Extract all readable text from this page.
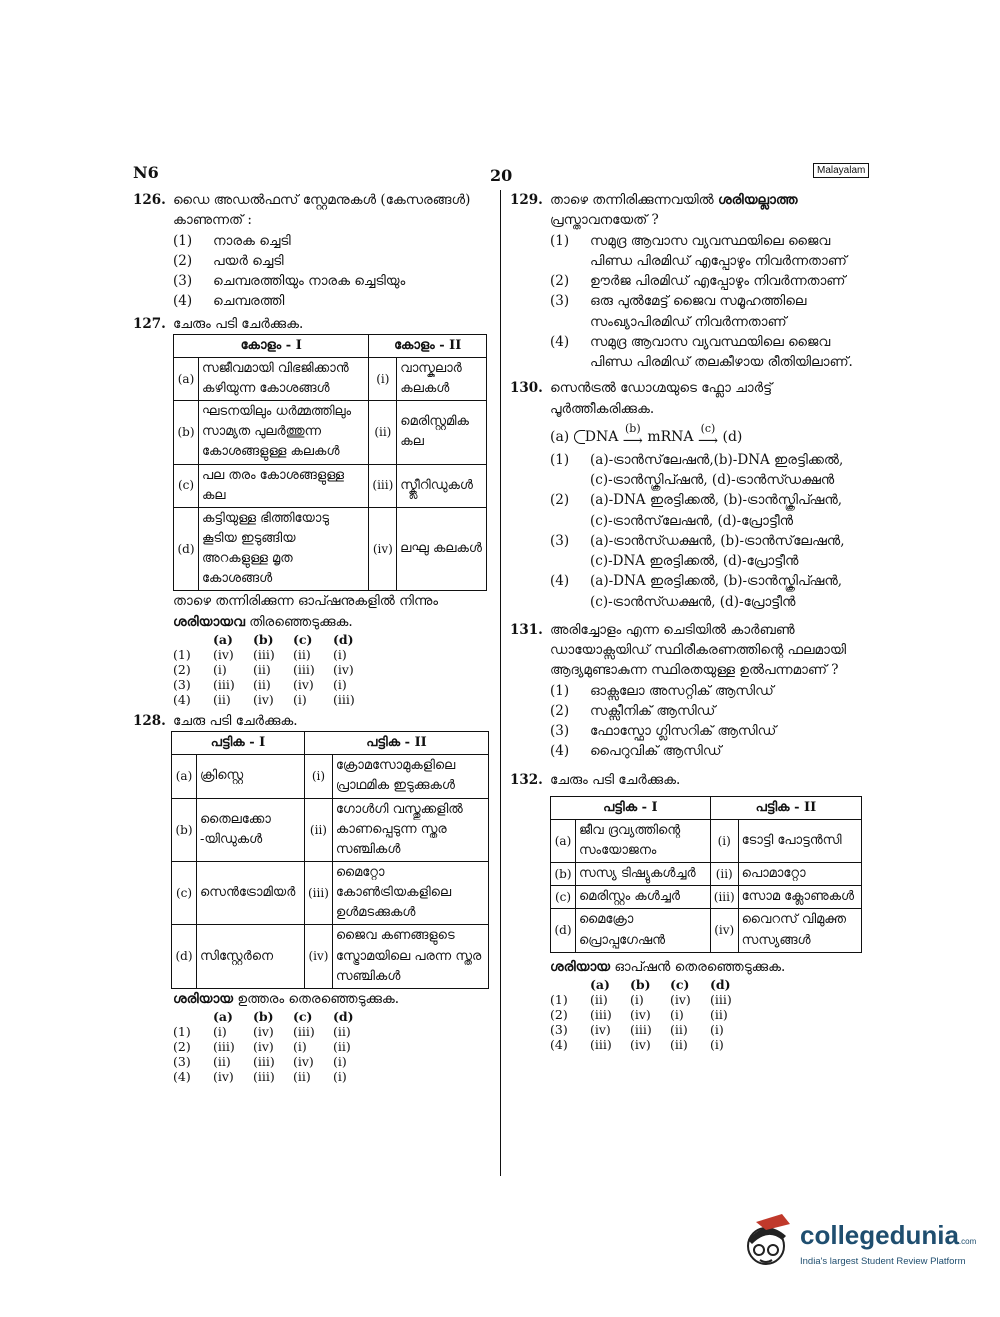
N6	20	Malayalam
126. ഡൈ അഡൽഫസ് സ്റ്റേമനുകൾ (കേസരങ്ങൾ) കാണുന്നത് :
(1)	നാരക ച്ചെടി
(2)	പയർ ച്ചെടി
(3)	ചെമ്പരത്തിയും നാരക ച്ചെടിയും
(4)	ചെമ്പരത്തി
127. ചേരും പടി ചേർക്കുക.
കോളം - I		കോളം - II	
(a)	സജീവമായി വിഭജിക്കാൻ കഴിയുന്ന കോശങ്ങൾ	(i)	വാസ്കുലാർ കലകൾ
(b)	ഘടനയിലും ധർമ്മത്തിലും സാമ്യത പുലർത്തുന്ന കോശങ്ങളുള്ള കലകൾ	(ii)	മെരിസ്റ്റമിക കല
(c)	പല തരം കോശങ്ങളുള്ള കല	(iii)	സ്ക്ലീറിഡുകൾ
(d)	കട്ടിയുള്ള ഭിത്തിയോടു കൂടിയ ഇടുങ്ങിയ അറകളുള്ള മൃത കോശങ്ങൾ	(iv)	ലഘു കലകൾ
താഴെ തന്നിരിക്കുന്ന ഓപ്ഷനുകളിൽ നിന്നും
ശരിയായവ തിരഞ്ഞെടുക്കുക.
	(a)	(b)	(c)	(d)
(1)	(iv)	(iii)	(ii)	(i)
(2)	(i)	(ii)	(iii)	(iv)
(3)	(iii)	(ii)	(iv)	(i)
(4)	(ii)	(iv)	(i)	(iii)
128. ചേരു പടി ചേർക്കുക.
പട്ടിക - I		പട്ടിക - II	
(a)	ക്രിസ്റ്റെ	(i)	ക്രോമസോമുകളിലെ പ്രാഥമിക ഇടുക്കുകൾ
(b)	തൈലക്കോ -യിഡുകൾ	(ii)	ഗോൾഗി വസ്തുക്കളിൽ കാണപ്പെടുന്ന സ്തര സഞ്ചികൾ
(c)	സെൻട്രോമിയർ	(iii)	മൈറ്റോ കോൺട്രിയകളിലെ ഉൾമടക്കുകൾ
(d)	സിസ്റ്റേർനെ	(iv)	ജൈവ കണങ്ങളുടെ സ്ട്രോമയിലെ പരന്ന സ്തര സഞ്ചികൾ
ശരിയായ ഉത്തരം തെരഞ്ഞെടുക്കുക.
	(a)	(b)	(c)	(d)
(1)	(i)	(iv)	(iii)	(ii)
(2)	(iii)	(iv)	(i)	(ii)
(3)	(ii)	(iii)	(iv)	(i)
(4)	(iv)	(iii)	(ii)	(i)
129. താഴെ തന്നിരിക്കുന്നവയിൽ ശരിയല്ലാത്ത പ്രസ്താവനയേത് ?
(1)	സമുദ്ര ആവാസ വ്യവസ്ഥയിലെ ജൈവ പിണ്ഡ പിരമിഡ് എപ്പോഴും നിവർന്നതാണ്
(2)	ഊർജ പിരമിഡ് എപ്പോഴും നിവർന്നതാണ്
(3)	ഒരു പുൽമേട്ട് ജൈവ സമൂഹത്തിലെ സംഖ്യാപിരമിഡ് നിവർന്നതാണ്
(4)	സമുദ്ര ആവാസ വ്യവസ്ഥയിലെ ജൈവ പിണ്ഡ പിരമിഡ് തലകീഴായ രീതിയിലാണ്.
130. സെൻട്രൽ ഡോഗ്മയുടെ ഫ്ലോ ചാർട്ട് പൂർത്തീകരിക്കുക.
(a) DNA
(b)
⟶ mRNA
(c)
⟶ (d)
(1)	(a)-ട്രാൻസ്‌ലേഷൻ,(b)-DNA ഇരട്ടിക്കൽ, (c)-ട്രാൻസ്ക്രിപ്ഷൻ, (d)-ട്രാൻസ്ഡക്ഷൻ
(2)	(a)-DNA ഇരട്ടിക്കൽ, (b)-ട്രാൻസ്ക്രിപ്ഷൻ, (c)-ട്രാൻസ്‌ലേഷൻ, (d)-പ്രോട്ടീൻ
(3)	(a)-ട്രാൻസ്ഡക്ഷൻ, (b)-ട്രാൻസ്‌ലേഷൻ, (c)-DNA ഇരട്ടിക്കൽ, (d)-പ്രോട്ടീൻ
(4)	(a)-DNA ഇരട്ടിക്കൽ, (b)-ട്രാൻസ്ക്രിപ്ഷൻ, (c)-ട്രാൻസ്ഡക്ഷൻ, (d)-പ്രോട്ടീൻ
131. അരിച്ചോളം എന്ന ചെടിയിൽ കാർബൺ ഡായോക്സയിഡ് സ്ഥിരീകരണത്തിന്റെ ഫലമായി ആദ്യമുണ്ടാകുന്ന സ്ഥിരതയുള്ള ഉൽപന്നമാണ് ?
(1)	ഓക്സലോ അസറ്റിക് ആസിഡ്
(2)	സക്സീനിക് ആസിഡ്
(3)	ഫോസ്ഫോ ഗ്ലിസറിക് ആസിഡ്
(4)	പൈറുവിക് ആസിഡ്
132. ചേരും പടി ചേർക്കുക.
പട്ടിക - I		പട്ടിക - II	
(a)	ജീവ ദ്രവ്യത്തിന്റെ സംയോജനം	(i)	ടോട്ടി പോട്ടൻസി
(b)	സസ്യ ടിഷ്യുകൾച്ചർ	(ii)	പൊമാറ്റോ
(c)	മെരിസ്റ്റം കൾച്ചർ	(iii)	സോമ ക്ലോണുകൾ
(d)	മൈക്രോ പ്രൊപ്പഗേഷൻ	(iv)	വൈറസ് വിമുക്ത സസ്യങ്ങൾ
ശരിയായ ഓപ്ഷൻ തെരഞ്ഞെടുക്കുക.
	(a)	(b)	(c)	(d)
(1)	(ii)	(i)	(iv)	(iii)
(2)	(iii)	(iv)	(i)	(ii)
(3)	(iv)	(iii)	(ii)	(i)
(4)	(iii)	(iv)	(ii)	(i)
collegedunia.com
India's largest Student Review Platform
